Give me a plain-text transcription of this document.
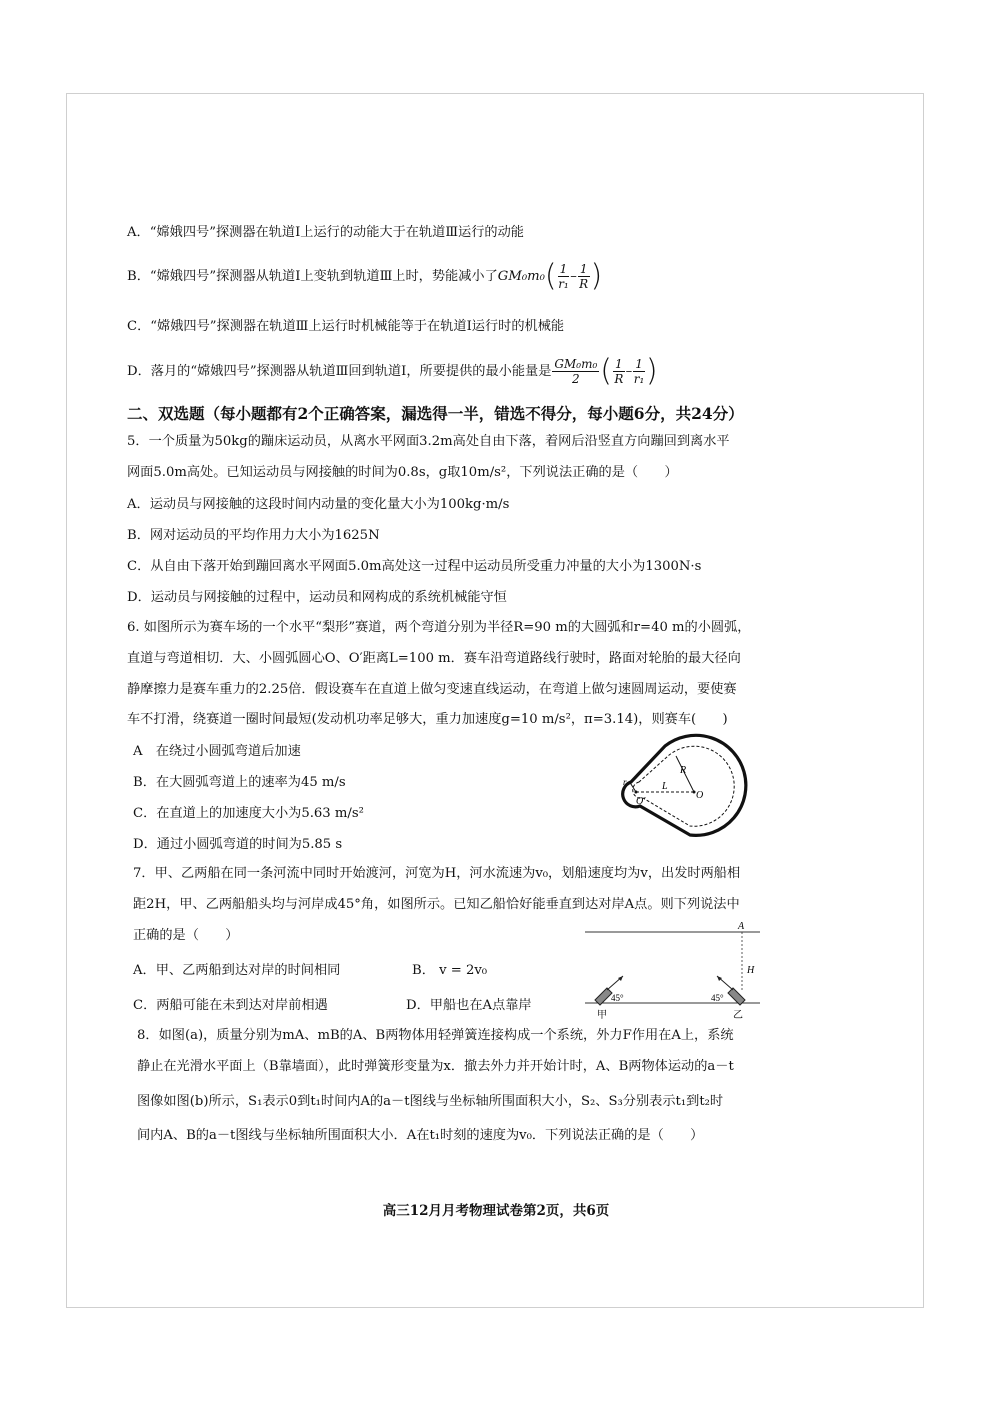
A．“嫦娥四号”探测器在轨道Ⅰ上运行的动能大于在轨道Ⅲ运行的动能
B．“嫦娥四号”探测器从轨道Ⅰ上变轨到轨道Ⅲ上时，势能减小了$GM_0m_0( \frac{1}{\text{r₁}} - \frac{1}{R}$ )
C．“嫦娥四号”探测器在轨道Ⅲ上运行时机械能等于在轨道Ⅰ运行时的机械能
D．落月的“嫦娥四号”探测器从轨道Ⅲ回到轨道Ⅰ，所要提供的最小能量是 $\frac{\text{GM₀m₀}}{2}$ ( $\frac{1}{R} - \frac{1}{\text{r₁}}$ )
二、双选题（每小题都有2个正确答案，漏选得一半，错选不得分，每小题6分，共24分）
5．一个质量为50kg的蹦床运动员，从离水平网面3.2m高处自由下落，着网后沿竖直方向蹦回到离水平
网面5.0m高处。已知运动员与网接触的时间为0.8s，g取10m/s²，下列说法正确的是（　　）
A．运动员与网接触的这段时间内动量的变化量大小为100kg·m/s
B．网对运动员的平均作用力大小为1625N
C．从自由下落开始到蹦回离水平网面5.0m高处这一过程中运动员所受重力冲量的大小为1300N·s
D．运动员与网接触的过程中，运动员和网构成的系统机械能守恒
6. 如图所示为赛车场的一个水平“梨形”赛道，两个弯道分别为半径R=90 m的大圆弧和r=40 m的小圆弧，
直道与弯道相切．大、小圆弧圆心O、O′距离L=100 m．赛车沿弯道路线行驶时，路面对轮胎的最大径向
静摩擦力是赛车重力的2.25倍．假设赛车在直道上做匀变速直线运动，在弯道上做匀速圆周运动，要使赛
车不打滑，绕赛道一圈时间最短(发动机功率足够大，重力加速度g=10 m/s²，π=3.14)，则赛车(　　)
A　在绕过小圆弧弯道后加速
B．在大圆弧弯道上的速率为45 m/s
C．在直道上的加速度大小为5.63 m/s²
D．通过小圆弧弯道的时间为5.85 s
R
r	L
O
O′
7．甲、乙两船在同一条河流中同时开始渡河，河宽为H，河水流速为v₀，划船速度均为v，出发时两船相
距2H，甲、乙两船船头均与河岸成45°角，如图所示。已知乙船恰好能垂直到达对岸A点。则下列说法中
正确的是（　　）
A．甲、乙两船到达对岸的时间相同	B． v = 2v₀
C．两船可能在未到达对岸前相遇	D．甲船也在A点靠岸
A
H
45°
甲
45°
乙
8．如图(a)，质量分别为mA、mB的A、B两物体用轻弹簧连接构成一个系统，外力F作用在A上，系统
静止在光滑水平面上（B靠墙面），此时弹簧形变量为x．撤去外力并开始计时，A、B两物体运动的a－t
图像如图(b)所示，S₁表示0到t₁时间内A的a－t图线与坐标轴所围面积大小，S₂、S₃分别表示t₁到t₂时
间内A、B的a－t图线与坐标轴所围面积大小．A在t₁时刻的速度为v₀．下列说法正确的是（　　）
高三12月月考物理试卷第2页，共6页
